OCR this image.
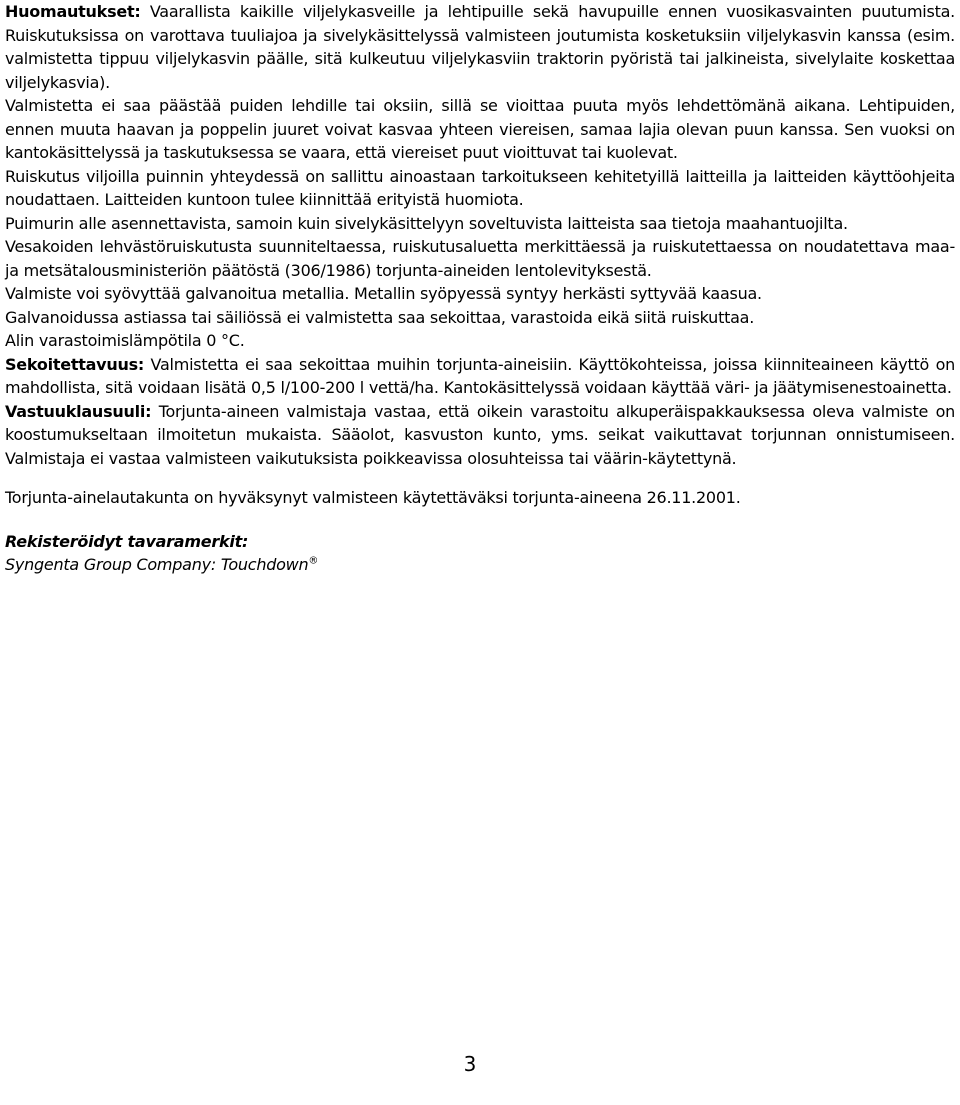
Huomautukset: Vaarallista kaikille viljelykasveille ja lehtipuille sekä havupuille ennen vuosikasvainten puutumista. Ruiskutuksissa on varottava tuuliajoa ja sivelykäsittelyssä valmisteen joutumista kosketuksiin viljelykasvin kanssa (esim. valmistetta tippuu viljelykasvin päälle, sitä kulkeutuu viljelykasviin traktorin pyöristä tai jalkineista, sivelylaite koskettaa viljelykasvia).

Valmistetta ei saa päästää puiden lehdille tai oksiin, sillä se vioittaa puuta myös lehdettömänä aikana. Lehtipuiden, ennen muuta haavan ja poppelin juuret voivat kasvaa yhteen viereisen, samaa lajia olevan puun kanssa. Sen vuoksi on kantokäsittelyssä ja taskutuksessa se vaara, että viereiset puut vioittuvat tai kuolevat.

Ruiskutus viljoilla puinnin yhteydessä on sallittu ainoastaan tarkoitukseen kehitetyillä laitteilla ja laitteiden käyttöohjeita noudattaen. Laitteiden kuntoon tulee kiinnittää erityistä huomiota.

Puimurin alle asennettavista, samoin kuin sivelykäsittelyyn soveltuvista laitteista saa tietoja maahantuojilta.

Vesakoiden lehvästöruiskutusta suunniteltaessa, ruiskutusaluetta merkittäessä ja ruiskutettaessa on noudatettava maa- ja metsätalousministeriön päätöstä (306/1986) torjunta-aineiden lentolevityksestä.

Valmiste voi syövyttää galvanoitua metallia. Metallin syöpyessä syntyy herkästi syttyvää kaasua.

Galvanoidussa astiassa tai säiliössä ei valmistetta saa sekoittaa, varastoida eikä siitä ruiskuttaa.

Alin varastoimislämpötila 0 °C.

Sekoitettavuus: Valmistetta ei saa sekoittaa muihin torjunta-aineisiin. Käyttökohteissa, joissa kiinniteaineen käyttö on mahdollista, sitä voidaan lisätä 0,5 l/100-200 l vettä/ha. Kantokäsittelyssä voidaan käyttää väri- ja jäätymisenestoainetta.

Vastuuklausuuli: Torjunta-aineen valmistaja vastaa, että oikein varastoitu alkuperäispakkauksessa oleva valmiste on koostumukseltaan ilmoitetun mukaista. Sääolot, kasvuston kunto, yms. seikat vaikuttavat torjunnan onnistumiseen. Valmistaja ei vastaa valmisteen vaikutuksista poikkeavissa olosuhteissa tai väärin-käytettynä.

Torjunta-ainelautakunta on hyväksynyt valmisteen käytettäväksi torjunta-aineena 26.11.2001.

Rekisteröidyt tavaramerkit:

Syngenta Group Company: Touchdown®

3
